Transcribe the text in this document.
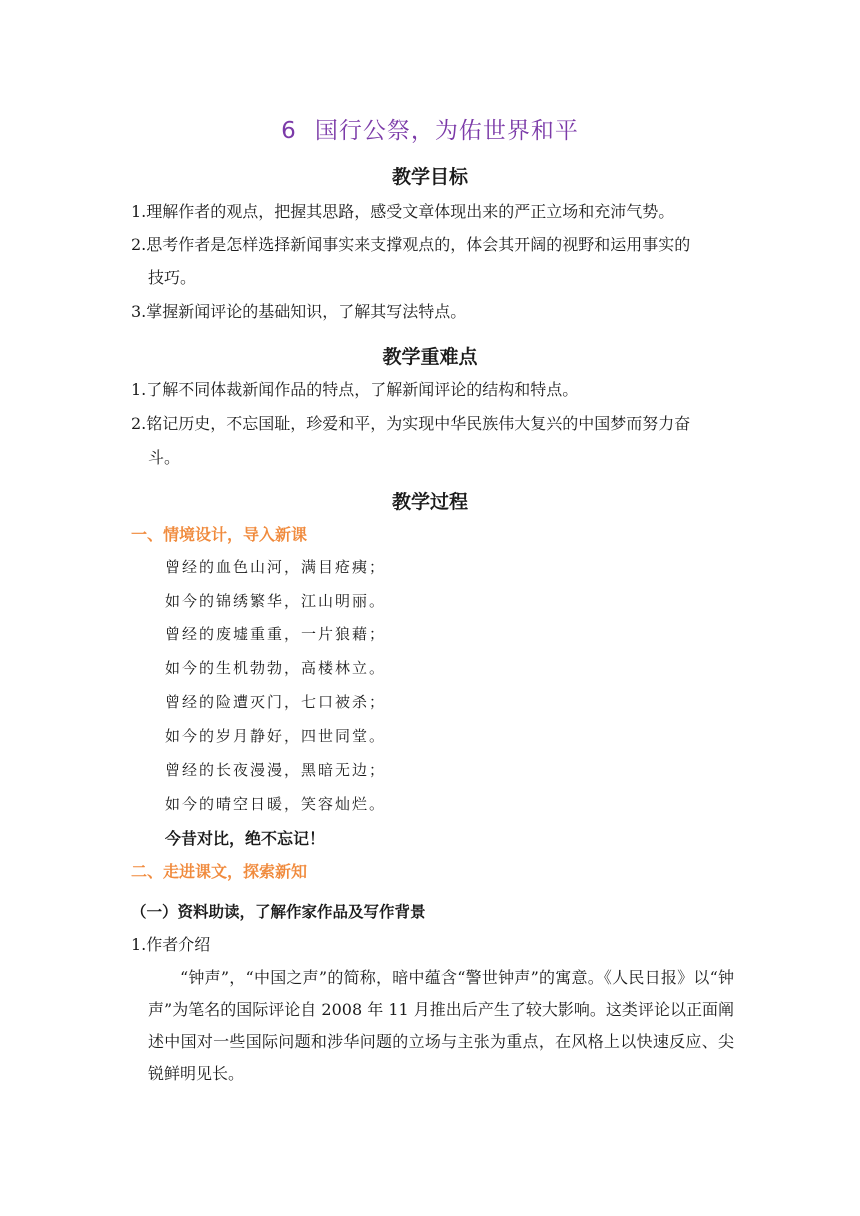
6 国行公祭，为佑世界和平
教学目标
1.理解作者的观点，把握其思路，感受文章体现出来的严正立场和充沛气势。
2.思考作者是怎样选择新闻事实来支撑观点的，体会其开阔的视野和运用事实的
技巧。
3.掌握新闻评论的基础知识，了解其写法特点。
教学重难点
1.了解不同体裁新闻作品的特点，了解新闻评论的结构和特点。
2.铭记历史，不忘国耻，珍爱和平，为实现中华民族伟大复兴的中国梦而努力奋
斗。
教学过程
一、情境设计，导入新课
曾经的血色山河，满目疮痍；
如今的锦绣繁华，江山明丽。
曾经的废墟重重，一片狼藉；
如今的生机勃勃，高楼林立。
曾经的险遭灭门，七口被杀；
如今的岁月静好，四世同堂。
曾经的长夜漫漫，黑暗无边；
如今的晴空日暖，笑容灿烂。
今昔对比，绝不忘记！
二、走进课文，探索新知
（一）资料助读，了解作家作品及写作背景
1.作者介绍
“钟声”，“中国之声”的简称，暗中蕴含“警世钟声”的寓意。《人民日报》以“钟声”为笔名的国际评论自 2008 年 11 月推出后产生了较大影响。这类评论以正面阐述中国对一些国际问题和涉华问题的立场与主张为重点，在风格上以快速反应、尖锐鲜明见长。
